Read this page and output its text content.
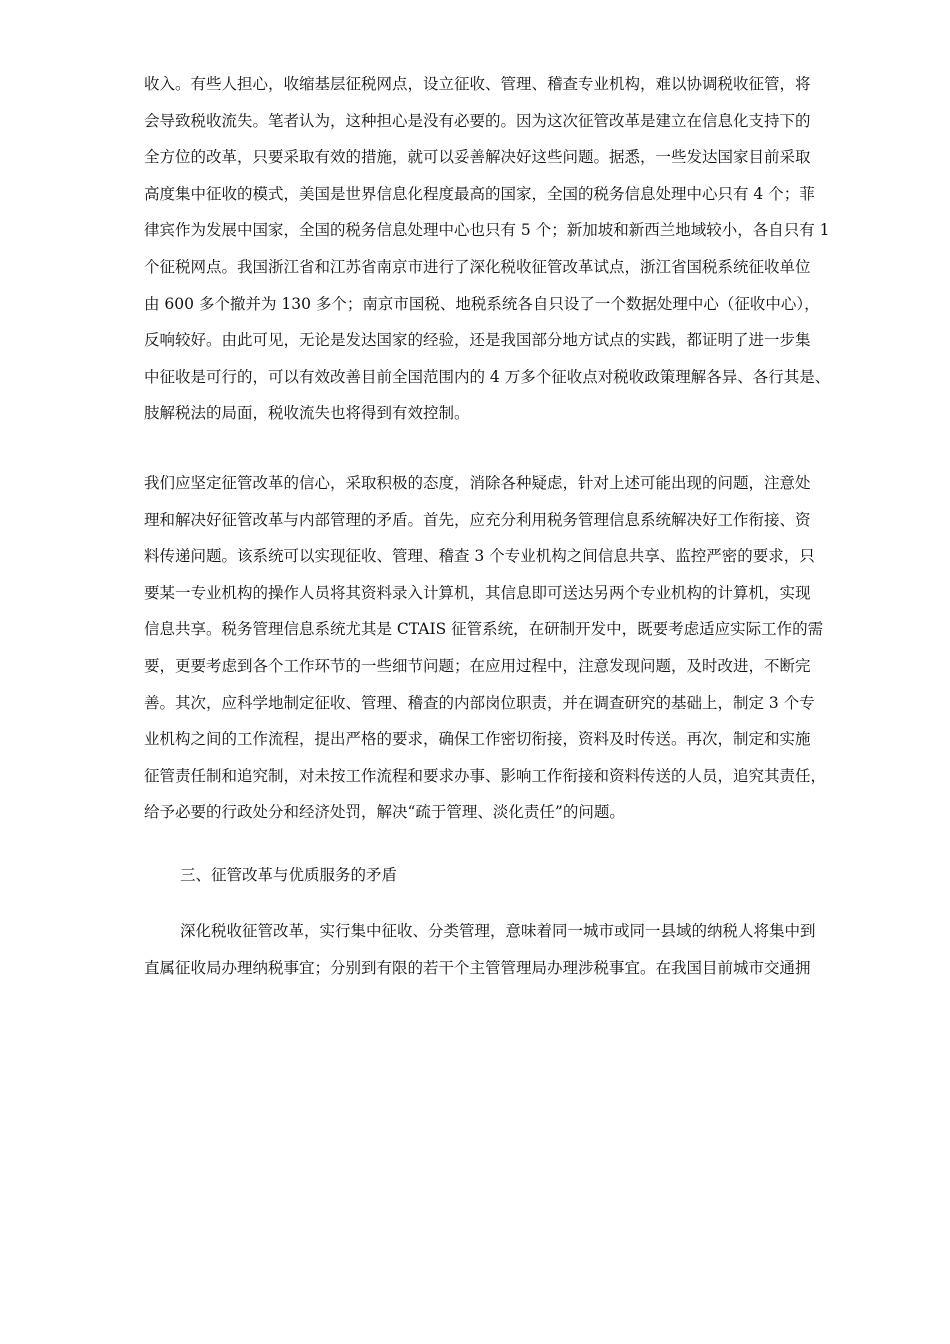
收入。有些人担心，收缩基层征税网点，设立征收、管理、稽查专业机构，难以协调税收征管，将
会导致税收流失。笔者认为，这种担心是没有必要的。因为这次征管改革是建立在信息化支持下的
全方位的改革，只要采取有效的措施，就可以妥善解决好这些问题。据悉，一些发达国家目前采取
高度集中征收的模式，美国是世界信息化程度最高的国家，全国的税务信息处理中心只有 4 个；菲
律宾作为发展中国家，全国的税务信息处理中心也只有 5 个；新加坡和新西兰地域较小，各自只有 1
个征税网点。我国浙江省和江苏省南京市进行了深化税收征管改革试点，浙江省国税系统征收单位
由 600 多个撤并为 130 多个；南京市国税、地税系统各自只设了一个数据处理中心（征收中心），
反响较好。由此可见，无论是发达国家的经验，还是我国部分地方试点的实践，都证明了进一步集
中征收是可行的，可以有效改善目前全国范围内的 4 万多个征收点对税收政策理解各异、各行其是、
肢解税法的局面，税收流失也将得到有效控制。

我们应坚定征管改革的信心，采取积极的态度，消除各种疑虑，针对上述可能出现的问题，注意处
理和解决好征管改革与内部管理的矛盾。首先，应充分利用税务管理信息系统解决好工作衔接、资
料传递问题。该系统可以实现征收、管理、稽查 3 个专业机构之间信息共享、监控严密的要求，只
要某一专业机构的操作人员将其资料录入计算机，其信息即可送达另两个专业机构的计算机，实现
信息共享。税务管理信息系统尤其是 CTAIS 征管系统，在研制开发中，既要考虑适应实际工作的需
要，更要考虑到各个工作环节的一些细节问题；在应用过程中，注意发现问题，及时改进，不断完
善。其次，应科学地制定征收、管理、稽查的内部岗位职责，并在调查研究的基础上，制定 3 个专
业机构之间的工作流程，提出严格的要求，确保工作密切衔接，资料及时传送。再次，制定和实施
征管责任制和追究制，对未按工作流程和要求办事、影响工作衔接和资料传送的人员，追究其责任，
给予必要的行政处分和经济处罚，解决“疏于管理、淡化责任”的问题。

三、征管改革与优质服务的矛盾

深化税收征管改革，实行集中征收、分类管理，意味着同一城市或同一县域的纳税人将集中到
直属征收局办理纳税事宜；分别到有限的若干个主管管理局办理涉税事宜。在我国目前城市交通拥
